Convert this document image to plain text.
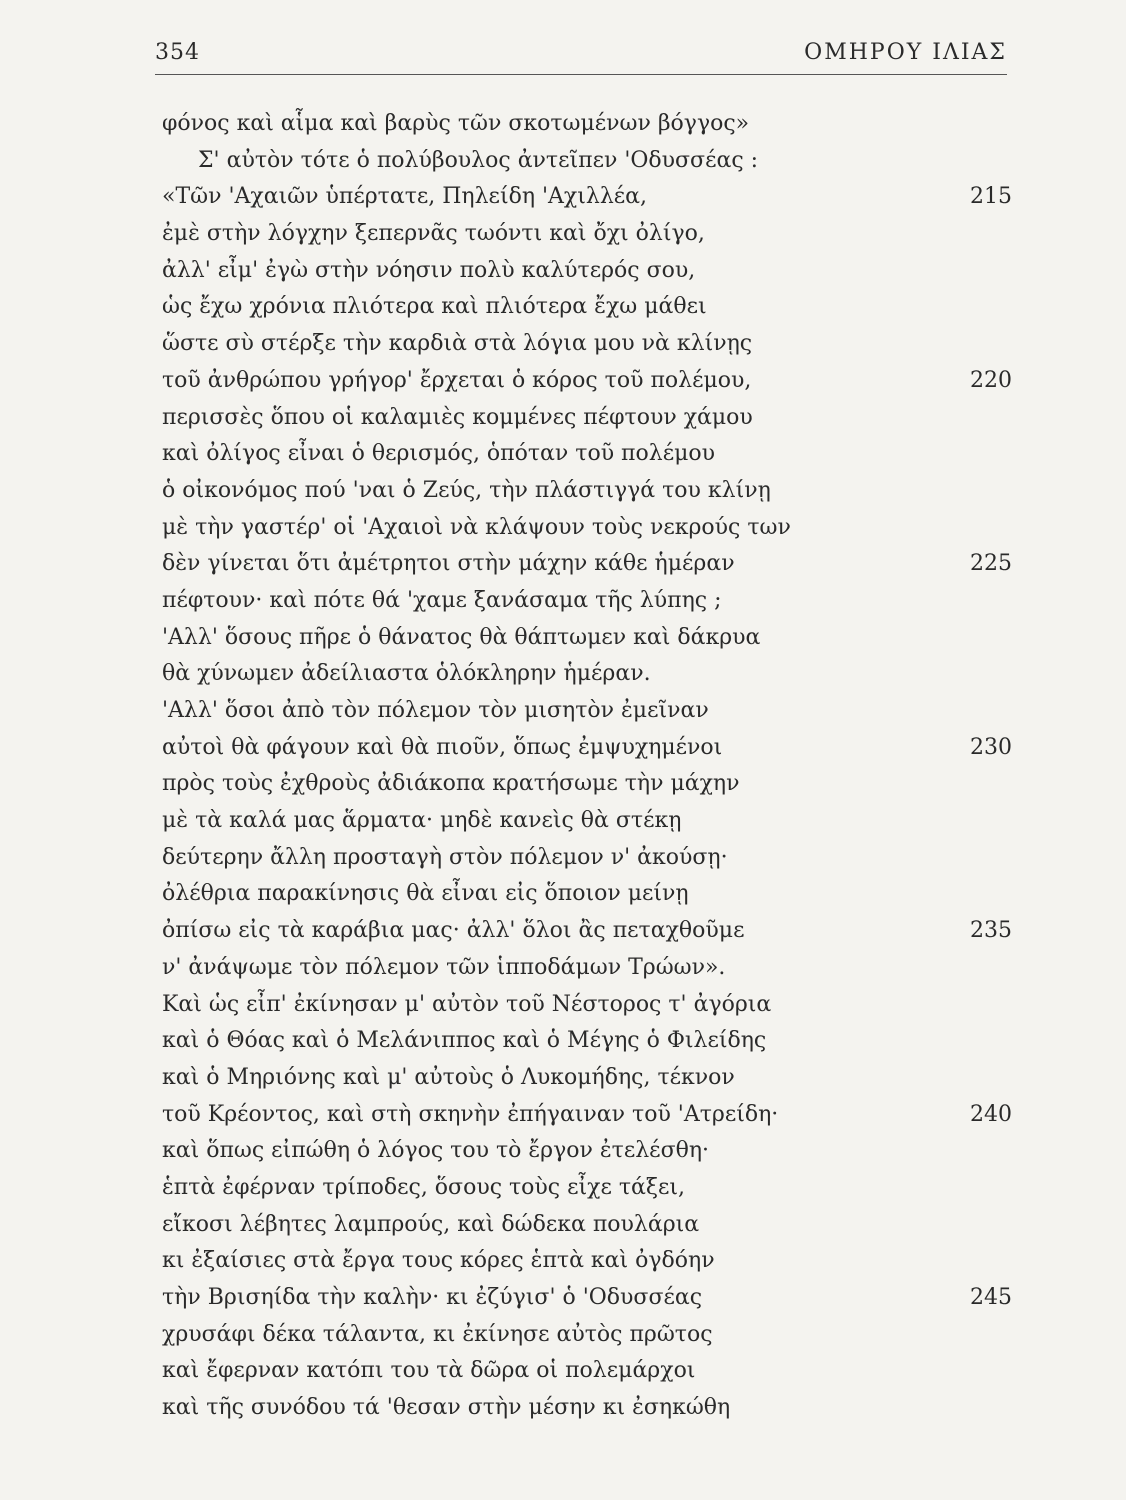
354	ΟΜΗΡΟΥ ΙΛΙΑΣ
φόνος καὶ αἷμα καὶ βαρὺς τῶν σκοτωμένων βόγγος»
Σ' αὐτὸν τότε ὁ πολύβουλος ἀντεῖπεν 'Οδυσσέας :
«Τῶν 'Αχαιῶν ὑπέρτατε, Πηλείδη 'Αχιλλέα,	215
ἐμὲ στὴν λόγχην ξεπερνᾶς τωόντι καὶ ὄχι ὀλίγο,
ἀλλ' εἶμ' ἐγὼ στὴν νόησιν πολὺ καλύτερός σου,
ὡς ἔχω χρόνια πλιότερα καὶ πλιότερα ἔχω μάθει
ὥστε σὺ στέρξε τὴν καρδιὰ στὰ λόγια μου νὰ κλίνῃς
τοῦ ἀνθρώπου γρήγορ' ἔρχεται ὁ κόρος τοῦ πολέμου,	220
περισσὲς ὅπου οἱ καλαμιὲς κομμένες πέφτουν χάμου
καὶ ὀλίγος εἶναι ὁ θερισμός, ὁπόταν τοῦ πολέμου
ὁ οἰκονόμος πού 'ναι ὁ Ζεύς, τὴν πλάστιγγά του κλίνῃ
μὲ τὴν γαστέρ' οἱ 'Αχαιοὶ νὰ κλάψουν τοὺς νεκρούς των
δὲν γίνεται ὅτι ἀμέτρητοι στὴν μάχην κάθε ἡμέραν	225
πέφτουν· καὶ πότε θά 'χαμε ξανάσαμα τῆς λύπης ;
'Αλλ' ὅσους πῆρε ὁ θάνατος θὰ θάπτωμεν καὶ δάκρυα
θὰ χύνωμεν ἀδείλιαστα ὁλόκληρην ἡμέραν.
'Αλλ' ὅσοι ἀπὸ τὸν πόλεμον τὸν μισητὸν ἐμεῖναν
αὐτοὶ θὰ φάγουν καὶ θὰ πιοῦν, ὅπως ἐμψυχημένοι	230
πρὸς τοὺς ἐχθροὺς ἀδιάκοπα κρατήσωμε τὴν μάχην
μὲ τὰ καλά μας ἅρματα· μηδὲ κανεὶς θὰ στέκῃ
δεύτερην ἄλλη προσταγὴ στὸν πόλεμον ν' ἀκούσῃ·
ὀλέθρια παρακίνησις θὰ εἶναι εἰς ὅποιον μείνῃ
ὀπίσω εἰς τὰ καράβια μας· ἀλλ' ὅλοι ἂς πεταχθοῦμε	235
ν' ἀνάψωμε τὸν πόλεμον τῶν ἱπποδάμων Τρώων».
Καὶ ὡς εἶπ' ἐκίνησαν μ' αὐτὸν τοῦ Νέστορος τ' ἀγόρια
καὶ ὁ Θόας καὶ ὁ Μελάνιππος καὶ ὁ Μέγης ὁ Φιλείδης
καὶ ὁ Μηριόνης καὶ μ' αὐτοὺς ὁ Λυκομήδης, τέκνον
τοῦ Κρέοντος, καὶ στὴ σκηνὴν ἐπήγαιναν τοῦ 'Ατρείδη·	240
καὶ ὅπως εἰπώθη ὁ λόγος του τὸ ἔργον ἐτελέσθη·
ἑπτὰ ἐφέρναν τρίποδες, ὅσους τοὺς εἶχε τάξει,
εἴκοσι λέβητες λαμπρούς, καὶ δώδεκα πουλάρια
κι ἐξαίσιες στὰ ἔργα τους κόρες ἑπτὰ καὶ ὀγδόην
τὴν Βρισηίδα τὴν καλὴν· κι ἐζύγισ' ὁ 'Οδυσσέας	245
χρυσάφι δέκα τάλαντα, κι ἐκίνησε αὐτὸς πρῶτος
καὶ ἔφερναν κατόπι του τὰ δῶρα οἱ πολεμάρχοι
καὶ τῆς συνόδου τά 'θεσαν στὴν μέσην κι ἐσηκώθη
